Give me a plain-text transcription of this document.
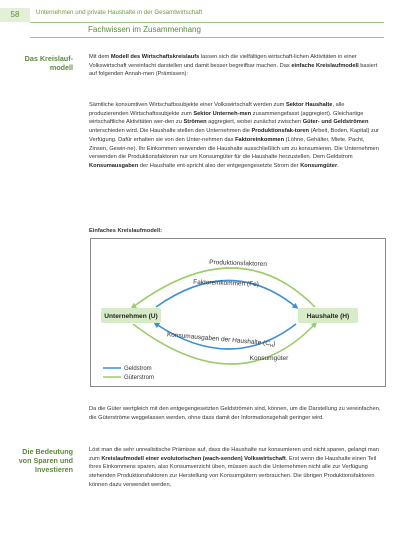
58	Unternehmen und private Haushalte in der Gesamtwirtschaft
Fachwissen im Zusammenhang
Das Kreislauf-
modell

Mit dem Modell des Wirtschaftskreislaufs lassen sich die vielfältigen wirtschaft-lichen Aktivitäten in einer Volkswirtschaft vereinfacht darstellen und damit besser begreifbar machen. Das einfache Kreislaufmodell basiert auf folgenden Annah-men (Prämissen):

Sämtliche konsumtiven Wirtschaftssubjekte einer Volkswirtschaft werden zum Sektor Haushalte, alle produzierenden Wirtschaftssubjekte zum Sektor Unterneh-men zusammengefasst (aggregiert). Gleichartige wirtschaftliche Aktivitäten wer-den zu Strömen aggregiert, wobei zunächst zwischen Güter- und Geldströmen unterschieden wird. Die Haushalte stellen den Unternehmen die Produktionsfak-toren (Arbeit, Boden, Kapital) zur Verfügung. Dafür erhalten sie von den Unter-nehmen das Faktoreinkommen (Löhne, Gehälter, Miete, Pacht, Zinsen, Gewin-ne). Ihr Einkommen verwenden die Haushalte ausschließlich um zu konsumieren. Die Unternehmen verwenden die Produktionsfaktoren nur um Konsumgüter für die Haushalte herzustellen. Dem Geldstrom Konsumausgaben der Haushalte ent-spricht also der entgegengesetzte Strom der Konsumgüter.

Einfaches Kreislaufmodell:

Produktionsfaktoren
Faktoreinkommen (Fe)
Konsumausgaben der Haushalte $(C_H)$
Konsumgüter
Unternehmen (U)	Haushalte (H)
Geldstrom
Güterstrom

Da die Güter wertgleich mit den entgegengesetzten Geldströmen sind, können, um die Darstellung zu vereinfachen, die Güterströme weggelassen werden, ohne dass damit der Informationsgehalt geringer wird.

Die Bedeutung
von Sparen und
Investieren

Löst man die sehr unrealistische Prämisse auf, dass die Haushalte nur konsumieren und nicht sparen, gelangt man zum Kreislaufmodell einer evolutorischen (wach-senden) Volkswirtschaft. Erst wenn die Haushalte einen Teil ihres Einkommens sparen, also Konsumverzicht üben, müssen auch die Unternehmen nicht alle zur Verfügung stehenden Produktionsfaktoren zur Herstellung von Konsumgütern verbrauchen. Die übrigen Produktionsfaktoren können dazu verwendet werden,
